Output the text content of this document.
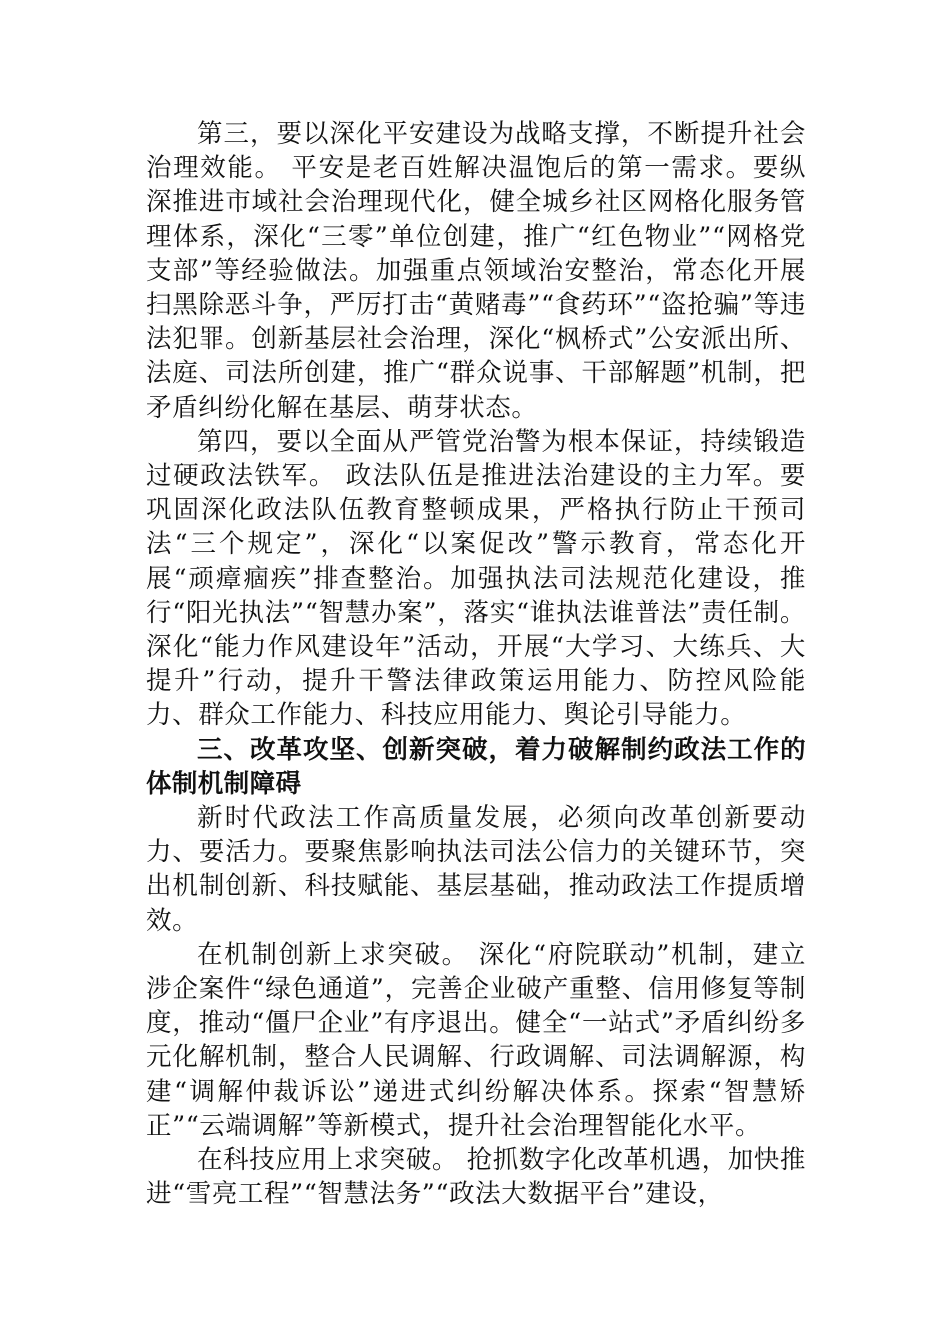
第三，要以深化平安建设为战略支撑，不断提升社会治理效能。 平安是老百姓解决温饱后的第一需求。要纵深推进市域社会治理现代化，健全城乡社区网格化服务管理体系，深化“三零”单位创建，推广“红色物业”“网格党支部”等经验做法。加强重点领域治安整治，常态化开展扫黑除恶斗争，严厉打击“黄赌毒”“食药环”“盗抢骗”等违法犯罪。创新基层社会治理，深化“枫桥式”公安派出所、法庭、司法所创建，推广“群众说事、干部解题”机制，把矛盾纠纷化解在基层、萌芽状态。

第四，要以全面从严管党治警为根本保证，持续锻造过硬政法铁军。 政法队伍是推进法治建设的主力军。要巩固深化政法队伍教育整顿成果，严格执行防止干预司法“三个规定”，深化“以案促改”警示教育，常态化开展“顽瘴痼疾”排查整治。加强执法司法规范化建设，推行“阳光执法”“智慧办案”，落实“谁执法谁普法”责任制。深化“能力作风建设年”活动，开展“大学习、大练兵、大提升”行动，提升干警法律政策运用能力、防控风险能力、群众工作能力、科技应用能力、舆论引导能力。

三、改革攻坚、创新突破，着力破解制约政法工作的体制机制障碍

新时代政法工作高质量发展，必须向改革创新要动力、要活力。要聚焦影响执法司法公信力的关键环节，突出机制创新、科技赋能、基层基础，推动政法工作提质增效。

在机制创新上求突破。 深化“府院联动”机制，建立涉企案件“绿色通道”，完善企业破产重整、信用修复等制度，推动“僵尸企业”有序退出。健全“一站式”矛盾纠纷多元化解机制，整合人民调解、行政调解、司法调解源，构建“调解仲裁诉讼”递进式纠纷解决体系。探索“智慧矫正”“云端调解”等新模式，提升社会治理智能化水平。

在科技应用上求突破。 抢抓数字化改革机遇，加快推进“雪亮工程”“智慧法务”“政法大数据平台”建设，
